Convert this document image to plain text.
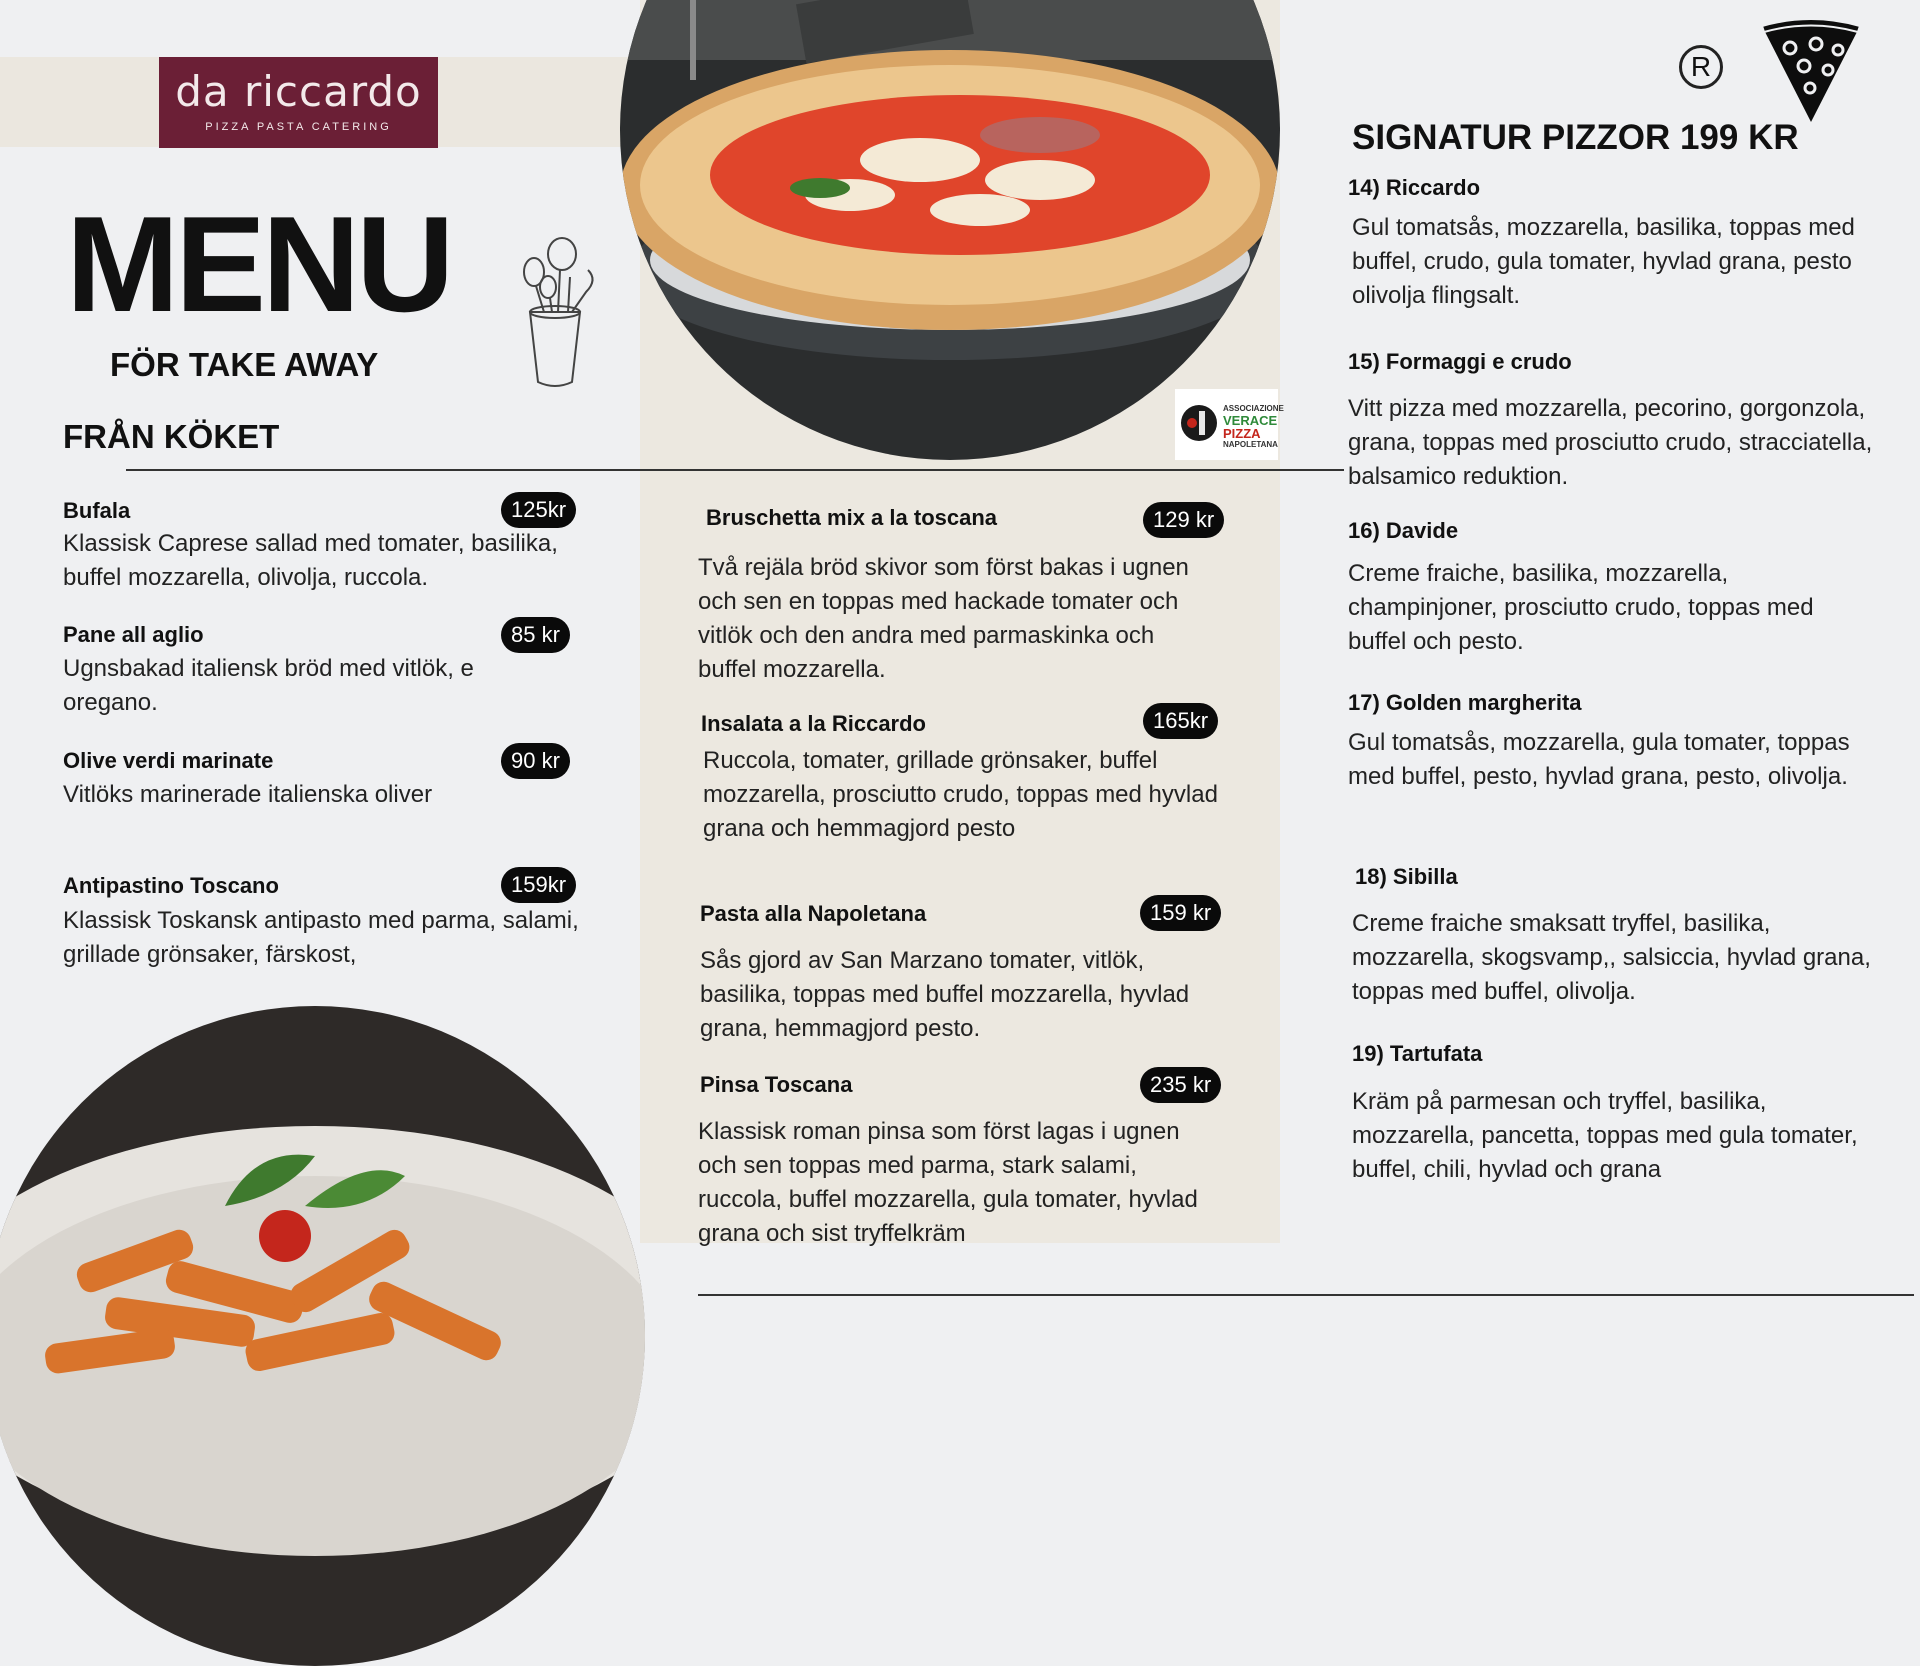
da riccardo
PIZZA PASTA CATERING
MENU
FÖR TAKE AWAY
FRÅN KÖKET
R
ASSOCIAZIONE
VERACE
PIZZA
NAPOLETANA
Bufala	125kr
Klassisk Caprese sallad med tomater, basilika, buffel mozzarella, olivolja, ruccola.
Pane all aglio	85 kr
Ugnsbakad italiensk bröd med vitlök, e oregano.
Olive verdi marinate	90 kr
Vitlöks marinerade italienska oliver
Antipastino Toscano	159kr
Klassisk Toskansk antipasto med parma, salami, grillade grönsaker, färskost,
Bruschetta mix a la toscana	129 kr
Två rejäla bröd skivor som först bakas i ugnen och sen en toppas med hackade tomater och vitlök och den andra med parmaskinka och buffel mozzarella.
Insalata a la Riccardo	165kr
Ruccola, tomater, grillade grönsaker, buffel mozzarella, prosciutto crudo, toppas med hyvlad grana och hemmagjord pesto
Pasta alla Napoletana	159 kr
Sås gjord av San Marzano tomater, vitlök, basilika, toppas med buffel mozzarella, hyvlad grana, hemmagjord pesto.
Pinsa Toscana	235 kr
Klassisk roman pinsa som först lagas i ugnen och sen toppas med parma, stark salami, ruccola, buffel mozzarella, gula tomater, hyvlad grana och sist tryffelkräm
SIGNATUR PIZZOR 199 KR
14) Riccardo
Gul tomatsås, mozzarella, basilika, toppas med buffel, crudo, gula tomater, hyvlad grana, pesto olivolja flingsalt.
15) Formaggi e crudo
Vitt pizza med mozzarella, pecorino, gorgonzola, grana, toppas med prosciutto crudo, stracciatella, balsamico reduktion.
16) Davide
Creme fraiche, basilika, mozzarella, champinjoner, prosciutto crudo, toppas med buffel och pesto.
17) Golden margherita
Gul tomatsås, mozzarella, gula tomater, toppas med buffel, pesto, hyvlad grana, pesto, olivolja.
18) Sibilla
Creme fraiche smaksatt tryffel, basilika, mozzarella, skogsvamp,, salsiccia, hyvlad grana, toppas med buffel, olivolja.
19) Tartufata
Kräm på parmesan och tryffel, basilika, mozzarella, pancetta, toppas med gula tomater, buffel, chili, hyvlad och grana
